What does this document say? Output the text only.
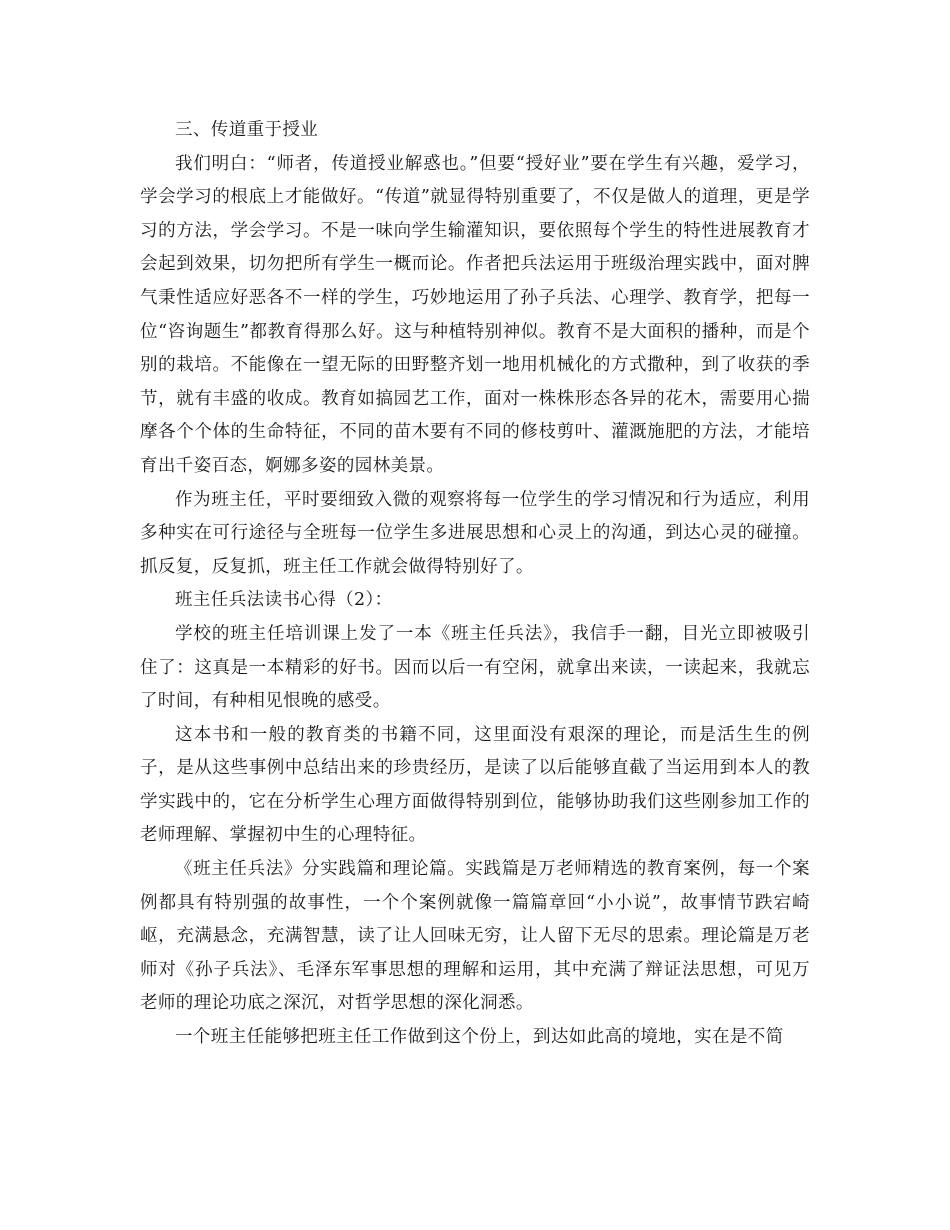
三、传道重于授业

我们明白：“师者，传道授业解惑也。”但要“授好业”要在学生有兴趣，爱学习，学会学习的根底上才能做好。“传道”就显得特别重要了，不仅是做人的道理，更是学习的方法，学会学习。不是一味向学生输灌知识，要依照每个学生的特性进展教育才会起到效果，切勿把所有学生一概而论。作者把兵法运用于班级治理实践中，面对脾气秉性适应好恶各不一样的学生，巧妙地运用了孙子兵法、心理学、教育学，把每一位“咨询题生”都教育得那么好。这与种植特别神似。教育不是大面积的播种，而是个别的栽培。不能像在一望无际的田野整齐划一地用机械化的方式撒种，到了收获的季节，就有丰盛的收成。教育如搞园艺工作，面对一株株形态各异的花木，需要用心揣摩各个个体的生命特征，不同的苗木要有不同的修枝剪叶、灌溉施肥的方法，才能培育出千姿百态，婀娜多姿的园林美景。

作为班主任，平时要细致入微的观察将每一位学生的学习情况和行为适应，利用多种实在可行途径与全班每一位学生多进展思想和心灵上的沟通，到达心灵的碰撞。抓反复，反复抓，班主任工作就会做得特别好了。

班主任兵法读书心得（2）：

学校的班主任培训课上发了一本《班主任兵法》，我信手一翻，目光立即被吸引住了：这真是一本精彩的好书。因而以后一有空闲，就拿出来读，一读起来，我就忘了时间，有种相见恨晚的感受。

这本书和一般的教育类的书籍不同，这里面没有艰深的理论，而是活生生的例子，是从这些事例中总结出来的珍贵经历，是读了以后能够直截了当运用到本人的教学实践中的，它在分析学生心理方面做得特别到位，能够协助我们这些刚参加工作的老师理解、掌握初中生的心理特征。

《班主任兵法》分实践篇和理论篇。实践篇是万老师精选的教育案例，每一个案例都具有特别强的故事性，一个个案例就像一篇篇章回“小小说”，故事情节跌宕崎岖，充满悬念，充满智慧，读了让人回味无穷，让人留下无尽的思索。理论篇是万老师对《孙子兵法》、毛泽东军事思想的理解和运用，其中充满了辩证法思想，可见万老师的理论功底之深沉，对哲学思想的深化洞悉。

一个班主任能够把班主任工作做到这个份上，到达如此高的境地，实在是不简
